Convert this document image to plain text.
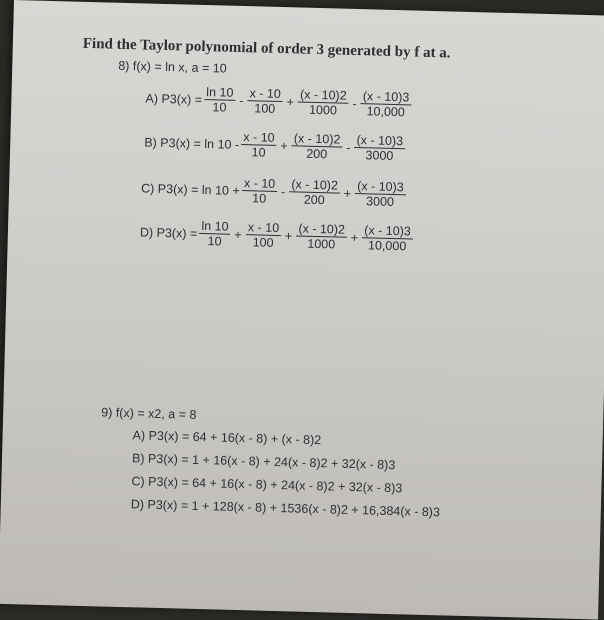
Find the Taylor polynomial of order 3 generated by f at a.
8) f(x) = ln x, a = 10
A) $P3(x) = \frac{\ln 10}{10} - \frac{x - 10}{100} + \frac{(x - 10)2}{1000} - \frac{(x - 10)3}{10,000}$
B) $P3(x) = \ln 10 - \frac{x - 10}{10} + \frac{(x - 10)2}{200} - \frac{(x - 10)3}{3000}$
C) $P3(x) = \ln 10 + \frac{x - 10}{10} - \frac{(x - 10)2}{200} + \frac{(x - 10)3}{3000}$
D) $P3(x) = \frac{\ln 10}{10} + \frac{x - 10}{100} + \frac{(x - 10)2}{1000} + \frac{(x - 10)3}{10,000}$
9) f(x) = x2, a = 8
A) P3(x) = 64 + 16(x - 8) + (x - 8)2
B) P3(x) = 1 + 16(x - 8) + 24(x - 8)2 + 32(x - 8)3
C) P3(x) = 64 + 16(x - 8) + 24(x - 8)2 + 32(x - 8)3
D) P3(x) = 1 + 128(x - 8) + 1536(x - 8)2 + 16,384(x - 8)3
